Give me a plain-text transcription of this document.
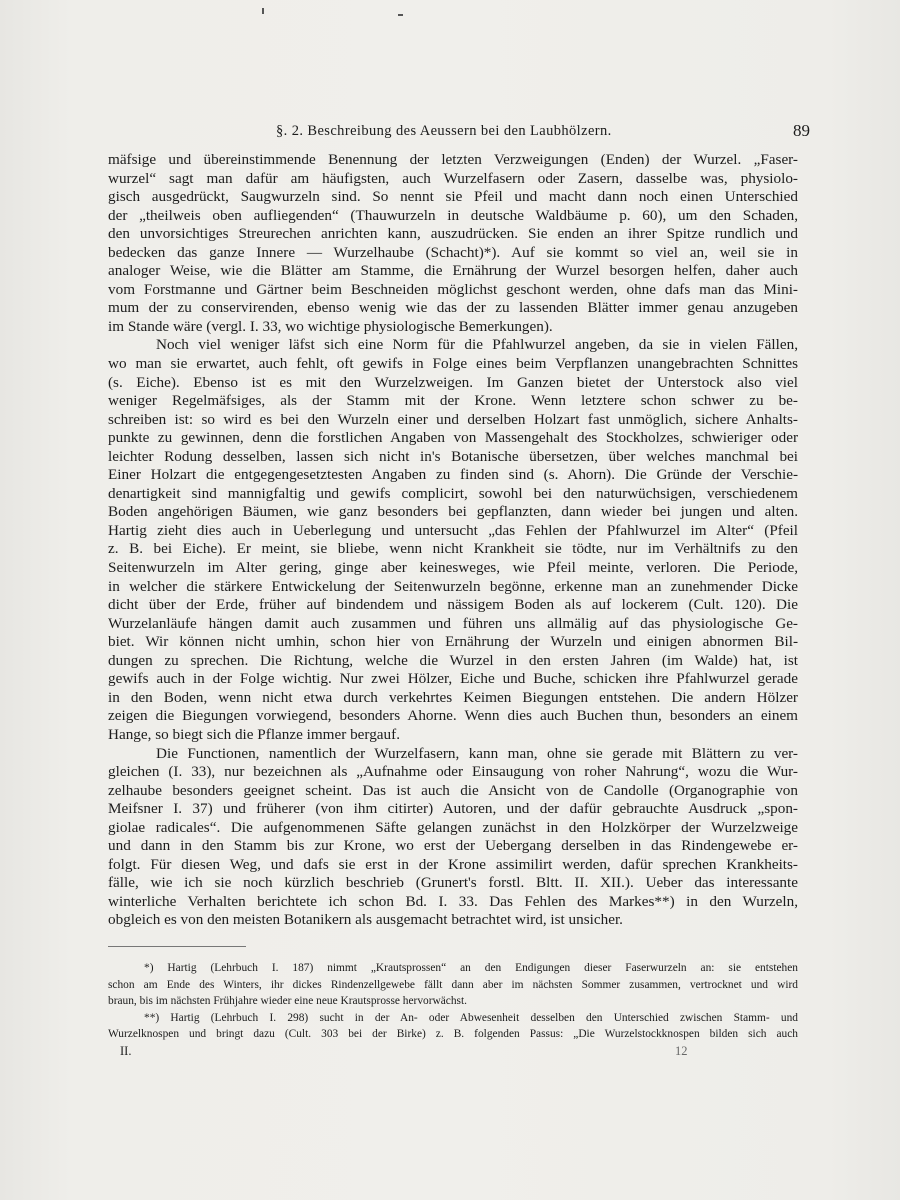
§. 2. Beschreibung des Aeussern bei den Laubhölzern.	89
mäfsige und übereinstimmende Benennung der letzten Verzweigungen (Enden) der Wurzel. „Faser-
wurzel“ sagt man dafür am häufigsten, auch Wurzelfasern oder Zasern, dasselbe was, physiolo-
gisch ausgedrückt, Saugwurzeln sind. So nennt sie Pfeil und macht dann noch einen Unterschied
der „theilweis oben aufliegenden“ (Thauwurzeln in deutsche Waldbäume p. 60), um den Schaden,
den unvorsichtiges Streurechen anrichten kann, auszudrücken. Sie enden an ihrer Spitze rundlich und
bedecken das ganze Innere — Wurzelhaube (Schacht)*). Auf sie kommt so viel an, weil sie in
analoger Weise, wie die Blätter am Stamme, die Ernährung der Wurzel besorgen helfen, daher auch
vom Forstmanne und Gärtner beim Beschneiden möglichst geschont werden, ohne dafs man das Mini-
mum der zu conservirenden, ebenso wenig wie das der zu lassenden Blätter immer genau anzugeben
im Stande wäre (vergl. I. 33, wo wichtige physiologische Bemerkungen).
Noch viel weniger läfst sich eine Norm für die Pfahlwurzel angeben, da sie in vielen Fällen,
wo man sie erwartet, auch fehlt, oft gewifs in Folge eines beim Verpflanzen unangebrachten Schnittes
(s. Eiche). Ebenso ist es mit den Wurzelzweigen. Im Ganzen bietet der Unterstock also viel
weniger Regelmäfsiges, als der Stamm mit der Krone. Wenn letztere schon schwer zu be-
schreiben ist: so wird es bei den Wurzeln einer und derselben Holzart fast unmöglich, sichere Anhalts-
punkte zu gewinnen, denn die forstlichen Angaben von Massengehalt des Stockholzes, schwieriger oder
leichter Rodung desselben, lassen sich nicht in's Botanische übersetzen, über welches manchmal bei
Einer Holzart die entgegengesetztesten Angaben zu finden sind (s. Ahorn). Die Gründe der Verschie-
denartigkeit sind mannigfaltig und gewifs complicirt, sowohl bei den naturwüchsigen, verschiedenem
Boden angehörigen Bäumen, wie ganz besonders bei gepflanzten, dann wieder bei jungen und alten.
Hartig zieht dies auch in Ueberlegung und untersucht „das Fehlen der Pfahlwurzel im Alter“ (Pfeil
z. B. bei Eiche). Er meint, sie bliebe, wenn nicht Krankheit sie tödte, nur im Verhältnifs zu den
Seitenwurzeln im Alter gering, ginge aber keinesweges, wie Pfeil meinte, verloren. Die Periode,
in welcher die stärkere Entwickelung der Seitenwurzeln begönne, erkenne man an zunehmender Dicke
dicht über der Erde, früher auf bindendem und nässigem Boden als auf lockerem (Cult. 120). Die
Wurzelanläufe hängen damit auch zusammen und führen uns allmälig auf das physiologische Ge-
biet. Wir können nicht umhin, schon hier von Ernährung der Wurzeln und einigen abnormen Bil-
dungen zu sprechen. Die Richtung, welche die Wurzel in den ersten Jahren (im Walde) hat, ist
gewifs auch in der Folge wichtig. Nur zwei Hölzer, Eiche und Buche, schicken ihre Pfahlwurzel gerade
in den Boden, wenn nicht etwa durch verkehrtes Keimen Biegungen entstehen. Die andern Hölzer
zeigen die Biegungen vorwiegend, besonders Ahorne. Wenn dies auch Buchen thun, besonders an einem
Hange, so biegt sich die Pflanze immer bergauf.
Die Functionen, namentlich der Wurzelfasern, kann man, ohne sie gerade mit Blättern zu ver-
gleichen (I. 33), nur bezeichnen als „Aufnahme oder Einsaugung von roher Nahrung“, wozu die Wur-
zelhaube besonders geeignet scheint. Das ist auch die Ansicht von de Candolle (Organographie von
Meifsner I. 37) und früherer (von ihm citirter) Autoren, und der dafür gebrauchte Ausdruck „spon-
giolae radicales“. Die aufgenommenen Säfte gelangen zunächst in den Holzkörper der Wurzelzweige
und dann in den Stamm bis zur Krone, wo erst der Uebergang derselben in das Rindengewebe er-
folgt. Für diesen Weg, und dafs sie erst in der Krone assimilirt werden, dafür sprechen Krankheits-
fälle, wie ich sie noch kürzlich beschrieb (Grunert's forstl. Bltt. II. XII.). Ueber das interessante
winterliche Verhalten berichtete ich schon Bd. I. 33. Das Fehlen des Markes**) in den Wurzeln,
obgleich es von den meisten Botanikern als ausgemacht betrachtet wird, ist unsicher.
*) Hartig (Lehrbuch I. 187) nimmt „Krautsprossen“ an den Endigungen dieser Faserwurzeln an: sie entstehen
schon am Ende des Winters, ihr dickes Rindenzellgewebe fällt dann aber im nächsten Sommer zusammen, vertrocknet und wird
braun, bis im nächsten Frühjahre wieder eine neue Krautsprosse hervorwächst.
**) Hartig (Lehrbuch I. 298) sucht in der An- oder Abwesenheit desselben den Unterschied zwischen Stamm- und
Wurzelknospen und bringt dazu (Cult. 303 bei der Birke) z. B. folgenden Passus: „Die Wurzelstockknospen bilden sich auch
II.	12
